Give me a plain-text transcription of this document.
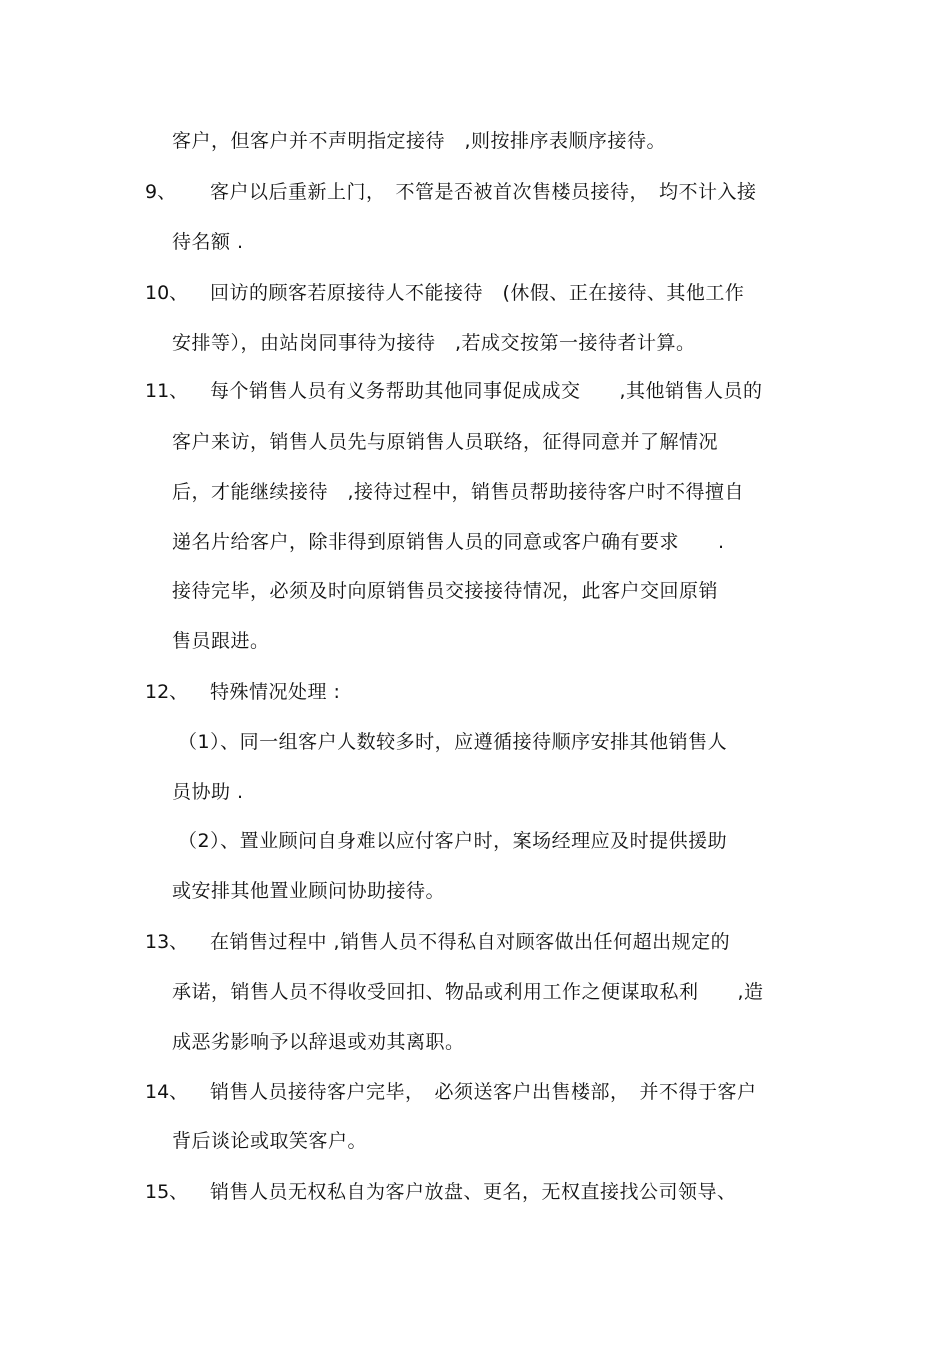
客户，但客户并不声明指定接待　,则按排序表顺序接待。
9、 客户以后重新上门，　不管是否被首次售楼员接待，　均不计入接
待名额 .
10、 回访的顾客若原接待人不能接待　(休假、正在接待、其他工作
安排等），由站岗同事待为接待　,若成交按第一接待者计算。
11、 每个销售人员有义务帮助其他同事促成成交　　,其他销售人员的
客户来访，销售人员先与原销售人员联络，征得同意并了解情况
后，才能继续接待　,接待过程中，销售员帮助接待客户时不得擅自
递名片给客户，除非得到原销售人员的同意或客户确有要求　　.
接待完毕，必须及时向原销售员交接接待情况，此客户交回原销
售员跟进。
12、 特殊情况处理 :
（1）、同一组客户人数较多时，应遵循接待顺序安排其他销售人
员协助 .
（2）、置业顾问自身难以应付客户时，案场经理应及时提供援助
或安排其他置业顾问协助接待。
13、 在销售过程中 ,销售人员不得私自对顾客做出任何超出规定的
承诺，销售人员不得收受回扣、物品或利用工作之便谋取私利　　,造
成恶劣影响予以辞退或劝其离职。
14、 销售人员接待客户完毕，　必须送客户出售楼部，　并不得于客户
背后谈论或取笑客户。
15、 销售人员无权私自为客户放盘、更名，无权直接找公司领导、
